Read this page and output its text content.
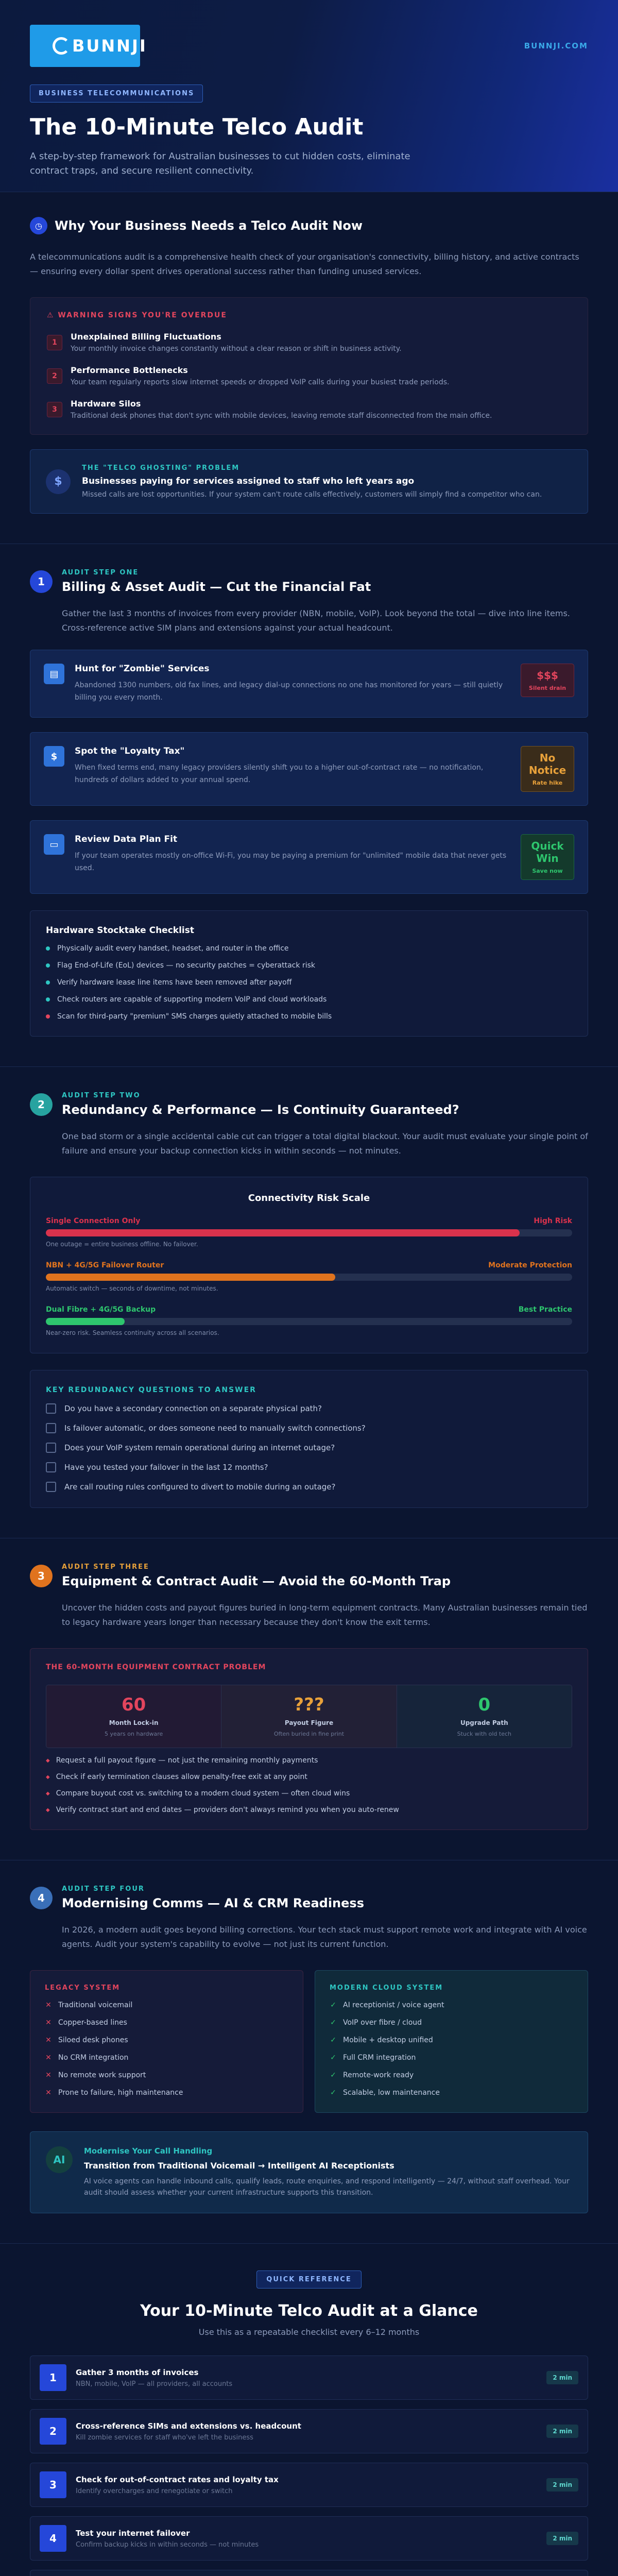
BUNNJI	BUNNJI.COM
BUSINESS TELECOMMUNICATIONS
The 10-Minute Telco Audit

A step-by-step framework for Australian businesses to cut hidden costs, eliminate contract traps, and secure resilient connectivity.

◷	Why Your Business Needs a Telco Audit Now

A telecommunications audit is a comprehensive health check of your organisation's connectivity, billing history, and active contracts — ensuring every dollar spent drives operational success rather than funding unused services.

⚠ WARNING SIGNS YOU'RE OVERDUE
1
Unexplained Billing Fluctuations
Your monthly invoice changes constantly without a clear reason or shift in business activity.
2
Performance Bottlenecks
Your team regularly reports slow internet speeds or dropped VoIP calls during your busiest trade periods.
3
Hardware Silos
Traditional desk phones that don't sync with mobile devices, leaving remote staff disconnected from the main office.
$
THE "TELCO GHOSTING" PROBLEM
Businesses paying for services assigned to staff who left years ago
Missed calls are lost opportunities. If your system can't route calls effectively, customers will simply find a competitor who can.
1
AUDIT STEP ONE
Billing & Asset Audit — Cut the Financial Fat

Gather the last 3 months of invoices from every provider (NBN, mobile, VoIP). Look beyond the total — dive into line items. Cross-reference active SIM plans and extensions against your actual headcount.

▤	Hunt for "Zombie" Services
Abandoned 1300 numbers, old fax lines, and legacy dial-up connections no one has monitored for years — still quietly billing you every month.
$$$
Silent drain
$	Spot the "Loyalty Tax"
When fixed terms end, many legacy providers silently shift you to a higher out-of-contract rate — no notification, hundreds of dollars added to your annual spend.
No Notice
Rate hike
▭	Review Data Plan Fit
If your team operates mostly on-office Wi-Fi, you may be paying a premium for "unlimited" mobile data that never gets used.
Quick Win
Save now
Hardware Stocktake Checklist
Physically audit every handset, headset, and router in the office
Flag End-of-Life (EoL) devices — no security patches = cyberattack risk
Verify hardware lease line items have been removed after payoff
Check routers are capable of supporting modern VoIP and cloud workloads
Scan for third-party "premium" SMS charges quietly attached to mobile bills
2
AUDIT STEP TWO
Redundancy & Performance — Is Continuity Guaranteed?

One bad storm or a single accidental cable cut can trigger a total digital blackout. Your audit must evaluate your single point of failure and ensure your backup connection kicks in within seconds — not minutes.

Connectivity Risk Scale
Single Connection Only	High Risk
One outage = entire business offline. No failover.
NBN + 4G/5G Failover Router	Moderate Protection
Automatic switch — seconds of downtime, not minutes.
Dual Fibre + 4G/5G Backup	Best Practice
Near-zero risk. Seamless continuity across all scenarios.
KEY REDUNDANCY QUESTIONS TO ANSWER
Do you have a secondary connection on a separate physical path?
Is failover automatic, or does someone need to manually switch connections?
Does your VoIP system remain operational during an internet outage?
Have you tested your failover in the last 12 months?
Are call routing rules configured to divert to mobile during an outage?
3
AUDIT STEP THREE
Equipment & Contract Audit — Avoid the 60-Month Trap

Uncover the hidden costs and payout figures buried in long-term equipment contracts. Many Australian businesses remain tied to legacy hardware years longer than necessary because they don't know the exit terms.

THE 60-MONTH EQUIPMENT CONTRACT PROBLEM
60
Month Lock-in
5 years on hardware
???
Payout Figure
Often buried in fine print
0
Upgrade Path
Stuck with old tech
◆ Request a full payout figure — not just the remaining monthly payments
◆ Check if early termination clauses allow penalty-free exit at any point
◆ Compare buyout cost vs. switching to a modern cloud system — often cloud wins
◆ Verify contract start and end dates — providers don't always remind you when you auto-renew
4
AUDIT STEP FOUR
Modernising Comms — AI & CRM Readiness

In 2026, a modern audit goes beyond billing corrections. Your tech stack must support remote work and integrate with AI voice agents. Audit your system's capability to evolve — not just its current function.

LEGACY SYSTEM
✕ Traditional voicemail
✕ Copper-based lines
✕ Siloed desk phones
✕ No CRM integration
✕ No remote work support
✕ Prone to failure, high maintenance
MODERN CLOUD SYSTEM
✓ AI receptionist / voice agent
✓ VoIP over fibre / cloud
✓ Mobile + desktop unified
✓ Full CRM integration
✓ Remote-work ready
✓ Scalable, low maintenance
AI
Modernise Your Call Handling
Transition from Traditional Voicemail → Intelligent AI Receptionists
AI voice agents can handle inbound calls, qualify leads, route enquiries, and respond intelligently — 24/7, without staff overhead. Your audit should assess whether your current infrastructure supports this transition.
QUICK REFERENCE
Your 10-Minute Telco Audit at a Glance

Use this as a repeatable checklist every 6–12 months

1	Gather 3 months of invoices
NBN, mobile, VoIP — all providers, all accounts
2 min
2	Cross-reference SIMs and extensions vs. headcount
Kill zombie services for staff who've left the business
2 min
3	Check for out-of-contract rates and loyalty tax
Identify overcharges and renegotiate or switch
2 min
4	Test your internet failover
Confirm backup kicks in within seconds — not minutes
2 min
